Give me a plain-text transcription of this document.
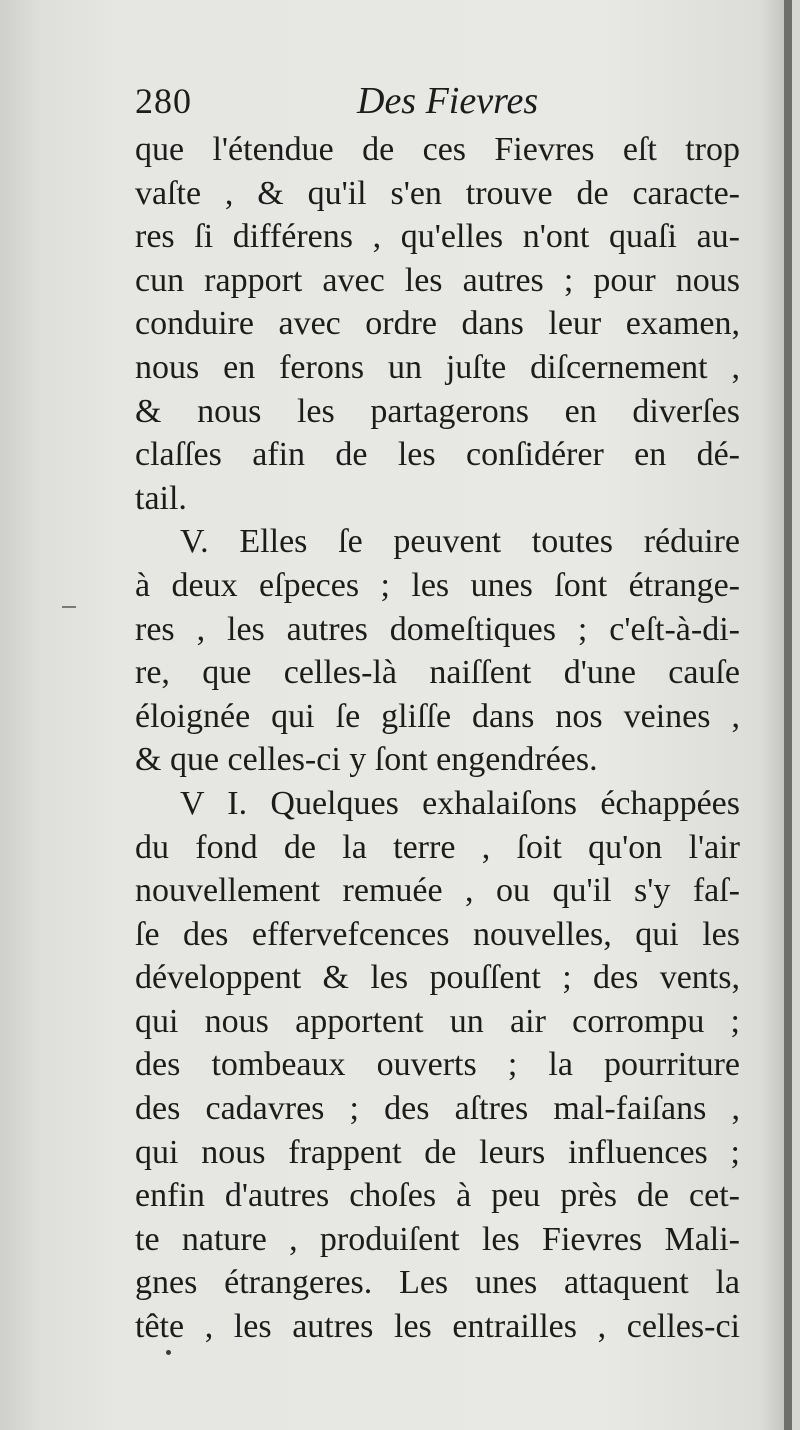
280	Des Fievres
que l'étendue de ces Fievres eſt trop
vaſte , & qu'il s'en trouve de caracte-
res ſi différens , qu'elles n'ont quaſi au-
cun rapport avec les autres ; pour nous
conduire avec ordre dans leur examen,
nous en ferons un juſte diſcernement ,
& nous les partagerons en diverſes
claſſes afin de les conſidérer en dé-
tail.
V. Elles ſe peuvent toutes réduire
à deux eſpeces ; les unes ſont étrange-
res , les autres domeſtiques ; c'eſt-à-di-
re, que celles-là naiſſent d'une cauſe
éloignée qui ſe gliſſe dans nos veines ,
& que celles-ci y ſont engendrées.
V I. Quelques exhalaiſons échappées
du fond de la terre , ſoit qu'on l'air
nouvellement remuée , ou qu'il s'y faſ-
ſe des effervefcences nouvelles, qui les
développent & les pouſſent ; des vents,
qui nous apportent un air corrompu ;
des tombeaux ouverts ; la pourriture
des cadavres ; des aſtres mal-faiſans ,
qui nous frappent de leurs influences ;
enfin d'autres choſes à peu près de cet-
te nature , produiſent les Fievres Mali-
gnes étrangeres. Les unes attaquent la
tête , les autres les entrailles , celles-ci
